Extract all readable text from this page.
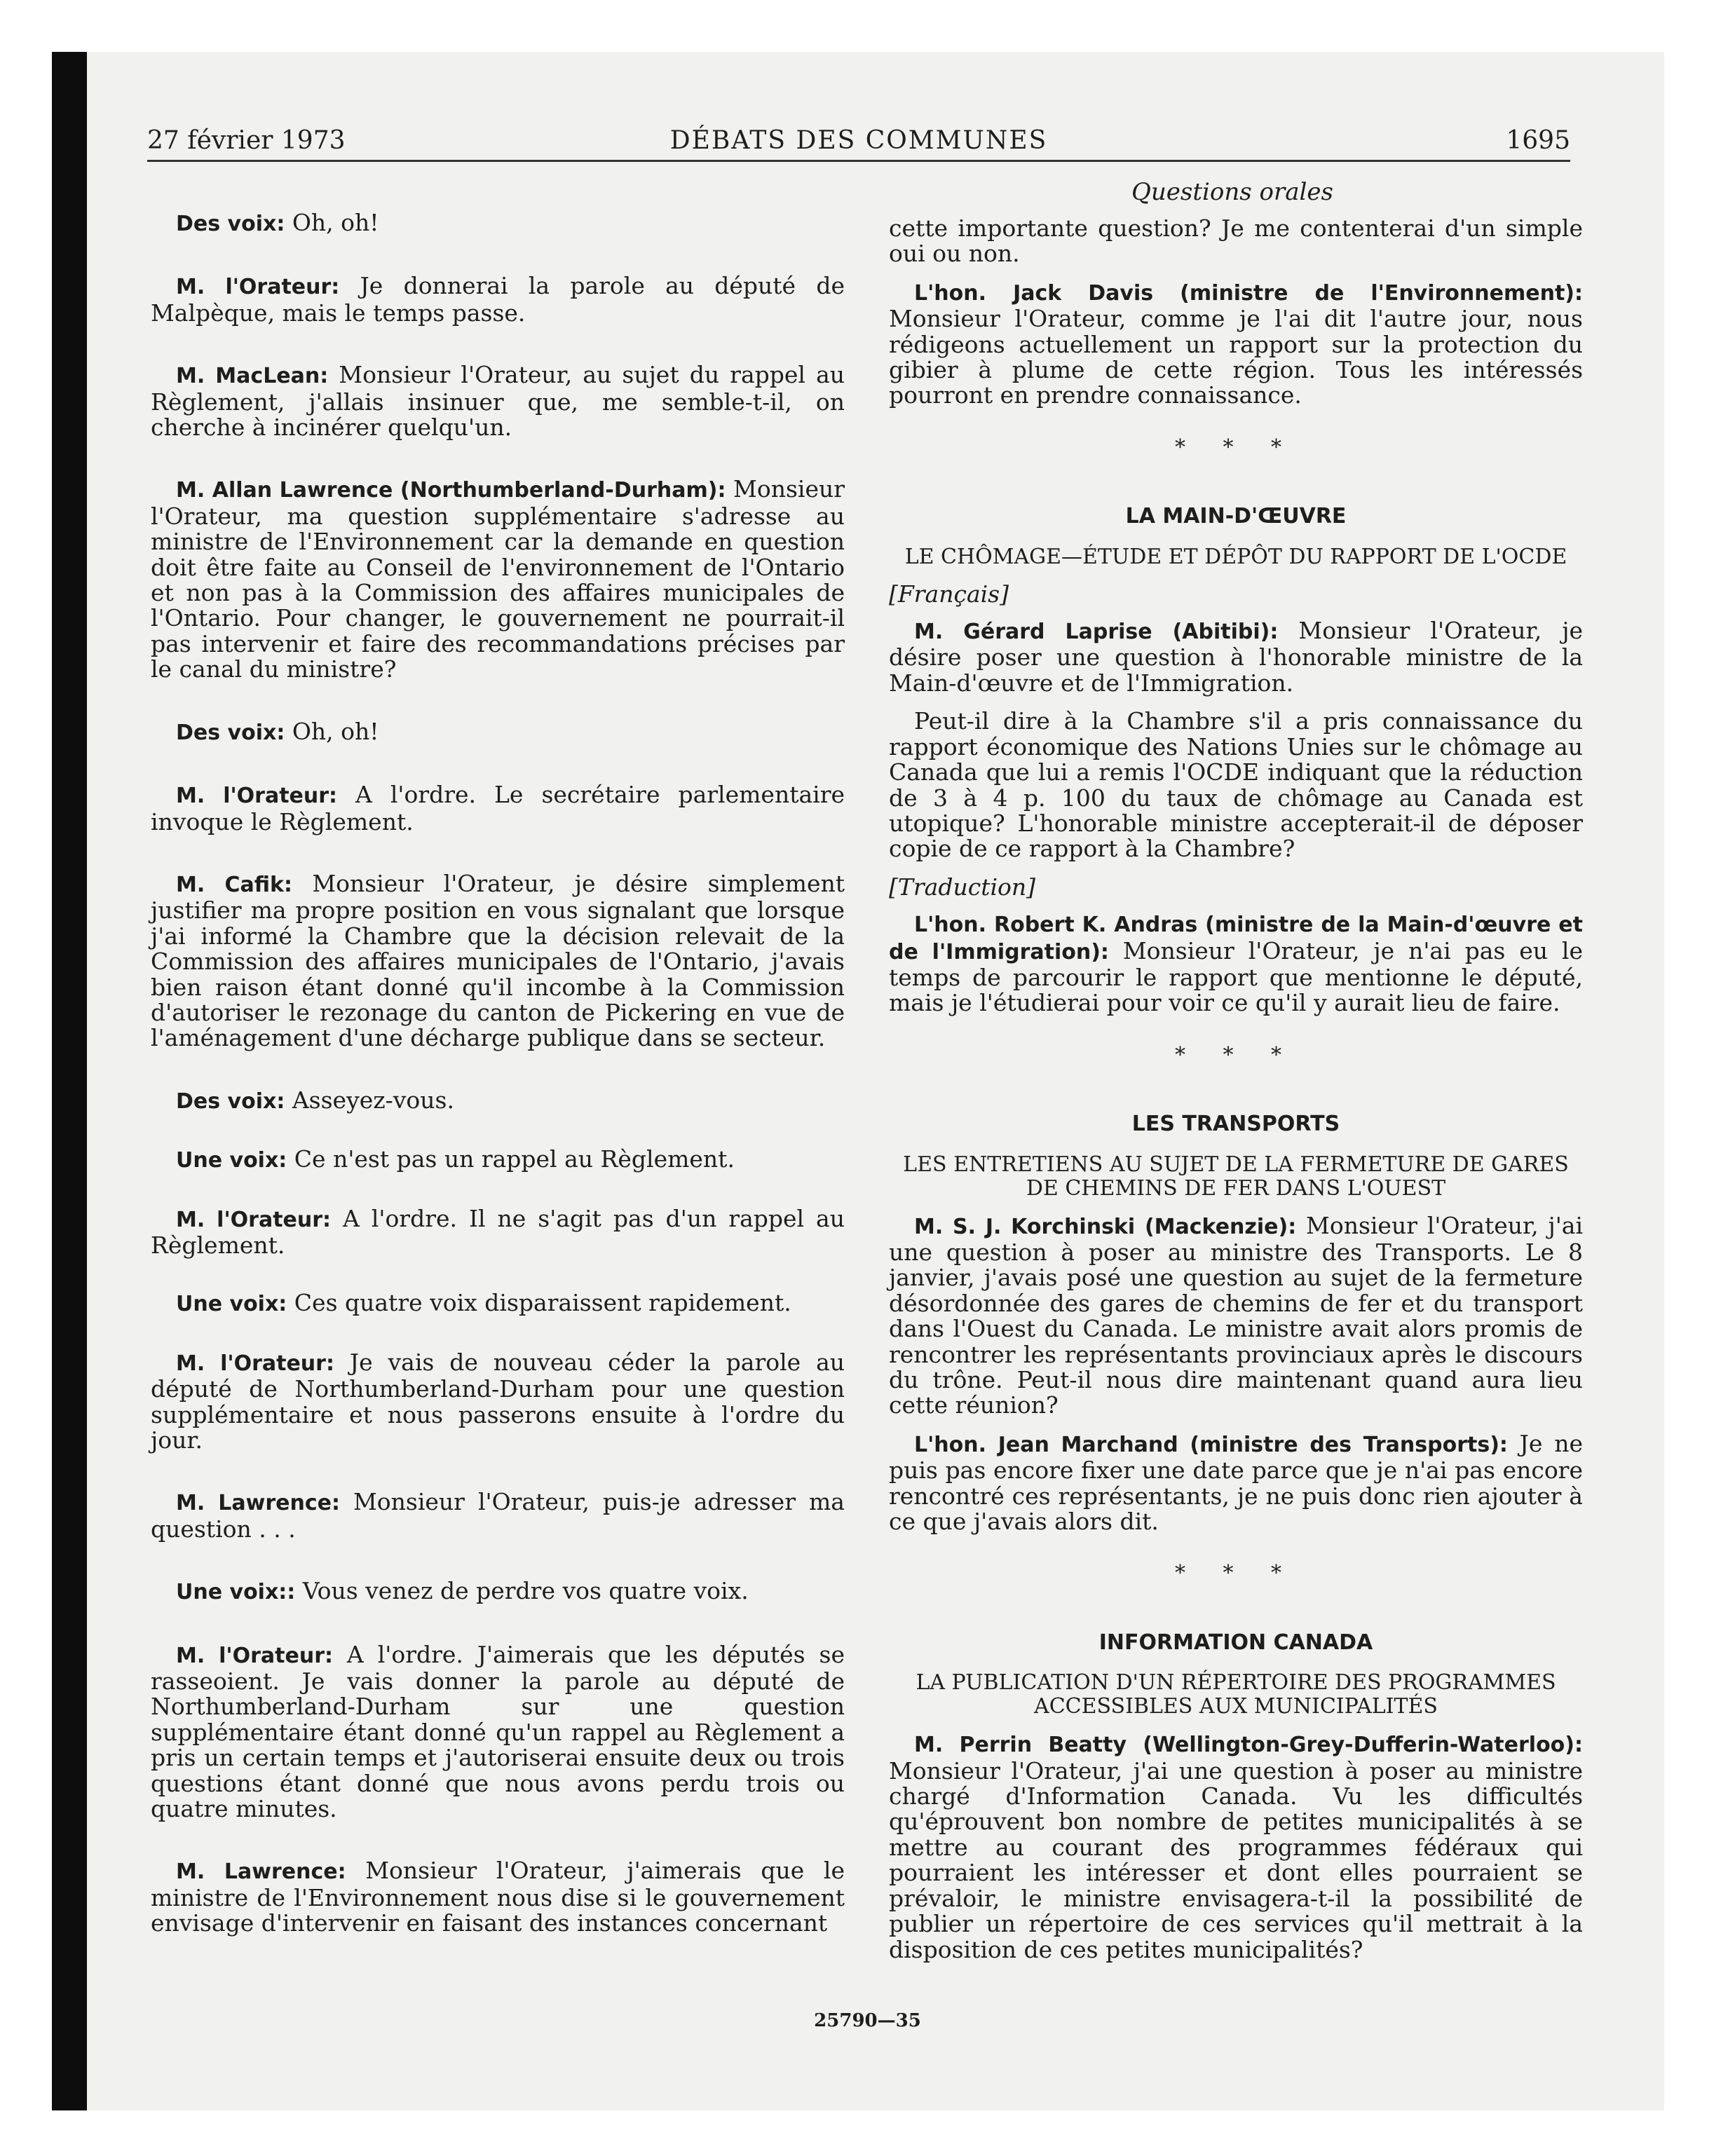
27 février 1973	DÉBATS DES COMMUNES	1695
Questions orales

Des voix: Oh, oh!

M. l'Orateur: Je donnerai la parole au député de Malpèque, mais le temps passe.

M. MacLean: Monsieur l'Orateur, au sujet du rappel au Règlement, j'allais insinuer que, me semble-t-il, on cherche à incinérer quelqu'un.

M. Allan Lawrence (Northumberland-Durham): Monsieur l'Orateur, ma question supplémentaire s'adresse au ministre de l'Environnement car la demande en question doit être faite au Conseil de l'environnement de l'Ontario et non pas à la Commission des affaires municipales de l'Ontario. Pour changer, le gouvernement ne pourrait-il pas intervenir et faire des recommandations précises par le canal du ministre?

Des voix: Oh, oh!

M. l'Orateur: A l'ordre. Le secrétaire parlementaire invoque le Règlement.

M. Cafik: Monsieur l'Orateur, je désire simplement justifier ma propre position en vous signalant que lorsque j'ai informé la Chambre que la décision relevait de la Commission des affaires municipales de l'Ontario, j'avais bien raison étant donné qu'il incombe à la Commission d'autoriser le rezonage du canton de Pickering en vue de l'aménagement d'une décharge publique dans se secteur.

Des voix: Asseyez-vous.

Une voix: Ce n'est pas un rappel au Règlement.

M. l'Orateur: A l'ordre. Il ne s'agit pas d'un rappel au Règlement.

Une voix: Ces quatre voix disparaissent rapidement.

M. l'Orateur: Je vais de nouveau céder la parole au député de Northumberland-Durham pour une question supplémentaire et nous passerons ensuite à l'ordre du jour.

M. Lawrence: Monsieur l'Orateur, puis-je adresser ma question . . .

Une voix:: Vous venez de perdre vos quatre voix.

M. l'Orateur: A l'ordre. J'aimerais que les députés se rasseoient. Je vais donner la parole au député de Northumberland-Durham sur une question supplémentaire étant donné qu'un rappel au Règlement a pris un certain temps et j'autoriserai ensuite deux ou trois questions étant donné que nous avons perdu trois ou quatre minutes.

M. Lawrence: Monsieur l'Orateur, j'aimerais que le ministre de l'Environnement nous dise si le gouvernement envisage d'intervenir en faisant des instances concernant

cette importante question? Je me contenterai d'un simple oui ou non.

L'hon. Jack Davis (ministre de l'Environnement): Monsieur l'Orateur, comme je l'ai dit l'autre jour, nous rédigeons actuellement un rapport sur la protection du gibier à plume de cette région. Tous les intéressés pourront en prendre connaissance.

* * *

LA MAIN-D'ŒUVRE

LE CHÔMAGE—ÉTUDE ET DÉPÔT DU RAPPORT DE L'OCDE

[Français]

M. Gérard Laprise (Abitibi): Monsieur l'Orateur, je désire poser une question à l'honorable ministre de la Main-d'œuvre et de l'Immigration.

Peut-il dire à la Chambre s'il a pris connaissance du rapport économique des Nations Unies sur le chômage au Canada que lui a remis l'OCDE indiquant que la réduction de 3 à 4 p. 100 du taux de chômage au Canada est utopique? L'honorable ministre accepterait-il de déposer copie de ce rapport à la Chambre?

[Traduction]

L'hon. Robert K. Andras (ministre de la Main-d'œuvre et de l'Immigration): Monsieur l'Orateur, je n'ai pas eu le temps de parcourir le rapport que mentionne le député, mais je l'étudierai pour voir ce qu'il y aurait lieu de faire.

* * *

LES TRANSPORTS

LES ENTRETIENS AU SUJET DE LA FERMETURE DE GARES DE CHEMINS DE FER DANS L'OUEST

M. S. J. Korchinski (Mackenzie): Monsieur l'Orateur, j'ai une question à poser au ministre des Transports. Le 8 janvier, j'avais posé une question au sujet de la fermeture désordonnée des gares de chemins de fer et du transport dans l'Ouest du Canada. Le ministre avait alors promis de rencontrer les représentants provinciaux après le discours du trône. Peut-il nous dire maintenant quand aura lieu cette réunion?

L'hon. Jean Marchand (ministre des Transports): Je ne puis pas encore fixer une date parce que je n'ai pas encore rencontré ces représentants, je ne puis donc rien ajouter à ce que j'avais alors dit.

* * *

INFORMATION CANADA

LA PUBLICATION D'UN RÉPERTOIRE DES PROGRAMMES ACCESSIBLES AUX MUNICIPALITÉS

M. Perrin Beatty (Wellington-Grey-Dufferin-Waterloo): Monsieur l'Orateur, j'ai une question à poser au ministre chargé d'Information Canada. Vu les difficultés qu'éprouvent bon nombre de petites municipalités à se mettre au courant des programmes fédéraux qui pourraient les intéresser et dont elles pourraient se prévaloir, le ministre envisagera-t-il la possibilité de publier un répertoire de ces services qu'il mettrait à la disposition de ces petites municipalités?

25790—35
